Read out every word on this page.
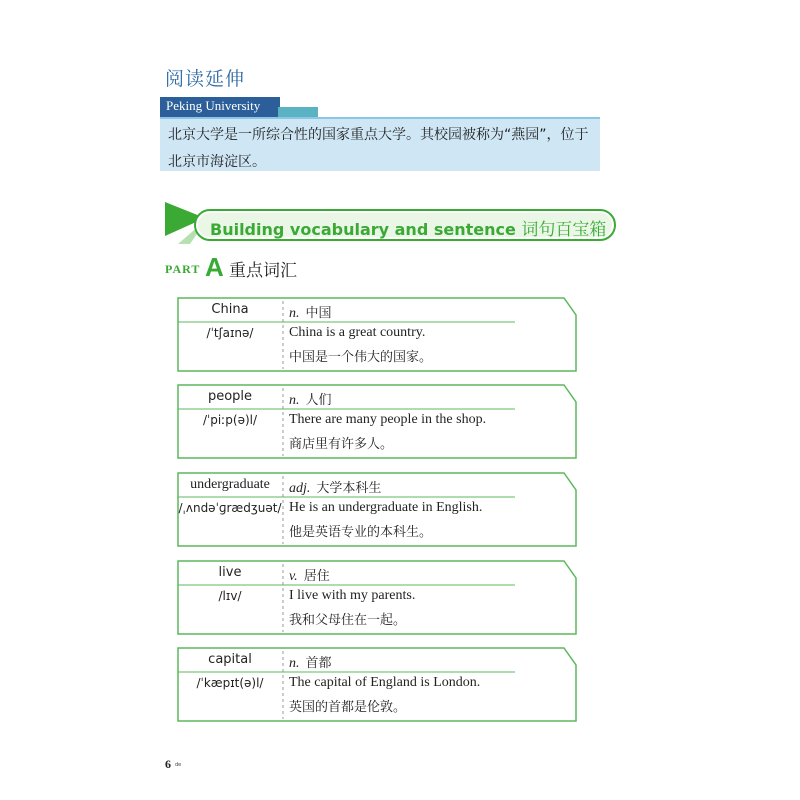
阅读延伸
Peking University
北京大学是一所综合性的国家重点大学。其校园被称为“燕园”，位于北京市海淀区。
Building vocabulary and sentence 词句百宝箱
PART A 重点词汇
China
/ˈtʃaɪnə/
n. 中国
China is a great country.
中国是一个伟大的国家。
people
/ˈpiːp(ə)l/
n. 人们
There are many people in the shop.
商店里有许多人。
undergraduate
/ˌʌndəˈɡrædʒuət/
adj. 大学本科生
He is an undergraduate in English.
他是英语专业的本科生。
live
/lɪv/
v. 居住
I live with my parents.
我和父母住在一起。
capital
/ˈkæpɪt(ə)l/
n. 首都
The capital of England is London.
英国的首都是伦敦。
6 de
